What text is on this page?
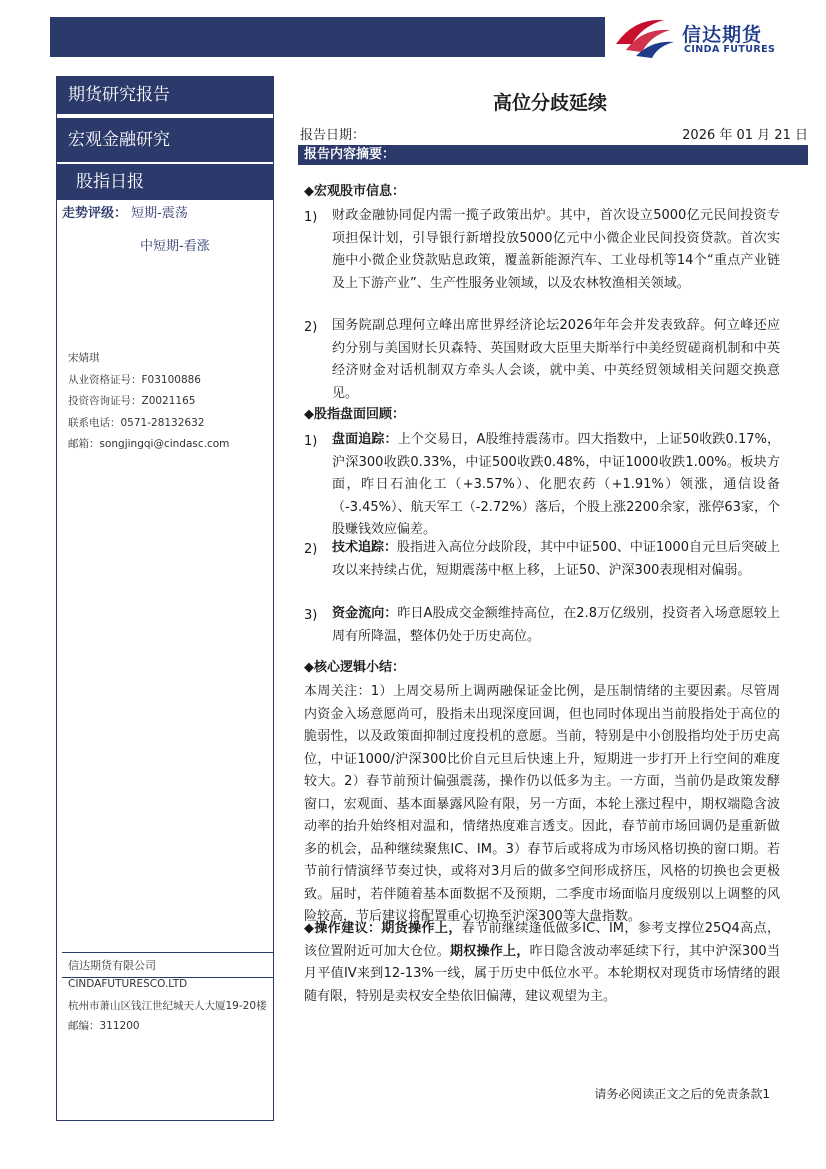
信达期货
CINDA FUTURES
期货研究报告
宏观金融研究
股指日报
走势评级： 短期-震荡
中短期-看涨
宋婧琪
从业资格证号：F03100886
投资咨询证号：Z0021165
联系电话：0571-28132632
邮箱：songjingqi@cindasc.com
信达期货有限公司
CINDAFUTURESCO.LTD
杭州市萧山区钱江世纪城天人大厦19-20楼
邮编：311200
高位分歧延续
报告日期：	2026 年 01 月 21 日
报告内容摘要：
◆宏观股市信息：
1) 财政金融协同促内需一揽子政策出炉。其中，首次设立5000亿元民间投资专项担保计划，引导银行新增投放5000亿元中小微企业民间投资贷款。首次实施中小微企业贷款贴息政策，覆盖新能源汽车、工业母机等14个“重点产业链及上下游产业”、生产性服务业领域，以及农林牧渔相关领域。
2) 国务院副总理何立峰出席世界经济论坛2026年年会并发表致辞。何立峰还应约分别与美国财长贝森特、英国财政大臣里夫斯举行中美经贸磋商机制和中英经济财金对话机制双方牵头人会谈，就中美、中英经贸领域相关问题交换意见。
◆股指盘面回顾：
1) 盘面追踪：上个交易日，A股维持震荡市。四大指数中，上证50收跌0.17%，沪深300收跌0.33%，中证500收跌0.48%，中证1000收跌1.00%。板块方面，昨日石油化工（+3.57%）、化肥农药（+1.91%）领涨，通信设备（-3.45%）、航天军工（-2.72%）落后，个股上涨2200余家，涨停63家，个股赚钱效应偏差。
2) 技术追踪：股指进入高位分歧阶段，其中中证500、中证1000自元旦后突破上攻以来持续占优，短期震荡中枢上移，上证50、沪深300表现相对偏弱。
3) 资金流向：昨日A股成交金额维持高位，在2.8万亿级别，投资者入场意愿较上周有所降温，整体仍处于历史高位。
◆核心逻辑小结：
本周关注：1）上周交易所上调两融保证金比例，是压制情绪的主要因素。尽管周内资金入场意愿尚可，股指未出现深度回调，但也同时体现出当前股指处于高位的脆弱性，以及政策面抑制过度投机的意愿。当前，特别是中小创股指均处于历史高位，中证1000/沪深300比价自元旦后快速上升，短期进一步打开上行空间的难度较大。2）春节前预计偏强震荡，操作仍以低多为主。一方面，当前仍是政策发酵窗口，宏观面、基本面暴露风险有限，另一方面，本轮上涨过程中，期权端隐含波动率的抬升始终相对温和，情绪热度难言透支。因此，春节前市场回调仍是重新做多的机会，品种继续聚焦IC、IM。3）春节后或将成为市场风格切换的窗口期。若节前行情演绎节奏过快，或将对3月后的做多空间形成挤压，风格的切换也会更极致。届时，若伴随着基本面数据不及预期，二季度市场面临月度级别以上调整的风险较高，节后建议将配置重心切换至沪深300等大盘指数。
◆操作建议：期货操作上，春节前继续逢低做多IC、IM，参考支撑位25Q4高点，该位置附近可加大仓位。期权操作上，昨日隐含波动率延续下行，其中沪深300当月平值IV来到12-13%一线，属于历史中低位水平。本轮期权对现货市场情绪的跟随有限，特别是卖权安全垫依旧偏薄，建议观望为主。
请务必阅读正文之后的免责条款1
